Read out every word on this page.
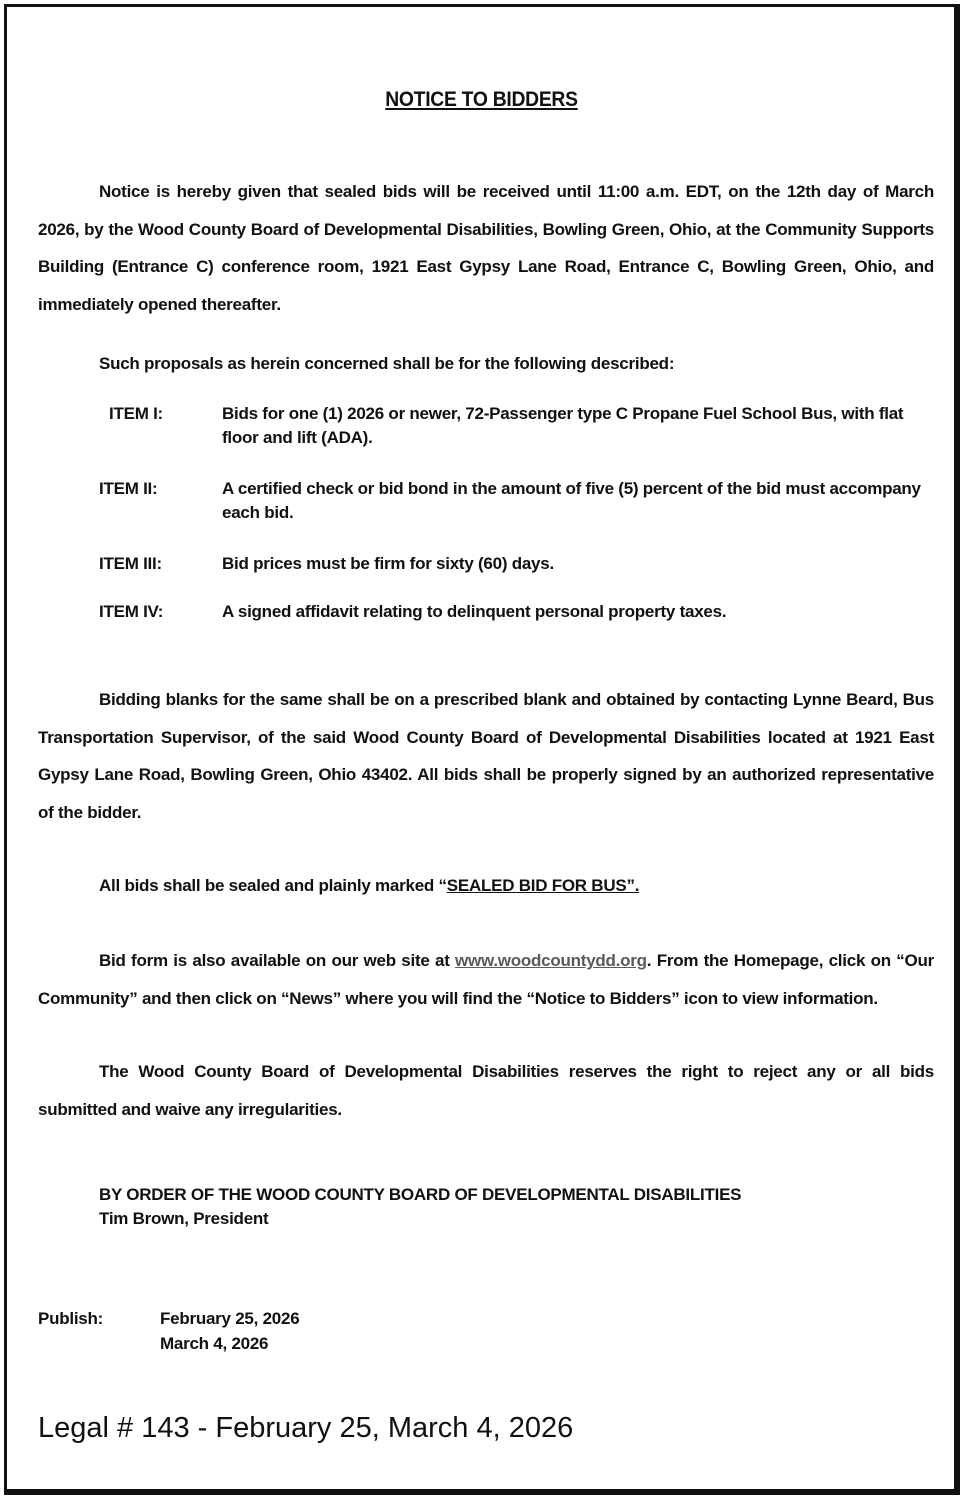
NOTICE TO BIDDERS
Notice is hereby given that sealed bids will be received until 11:00 a.m. EDT, on the 12th day of March 2026, by the Wood County Board of Developmental Disabilities, Bowling Green, Ohio, at the Community Supports Building (Entrance C) conference room, 1921 East Gypsy Lane Road, Entrance C, Bowling Green, Ohio, and immediately opened thereafter.
Such proposals as herein concerned shall be for the following described:
ITEM I:	Bids for one (1) 2026 or newer, 72-Passenger type C Propane Fuel School Bus, with flat floor and lift (ADA).
ITEM II:	A certified check or bid bond in the amount of five (5) percent of the bid must accompany each bid.
ITEM III:	Bid prices must be firm for sixty (60) days.
ITEM IV:	A signed affidavit relating to delinquent personal property taxes.
Bidding blanks for the same shall be on a prescribed blank and obtained by contacting Lynne Beard, Bus Transportation Supervisor, of the said Wood County Board of Developmental Disabilities located at 1921 East Gypsy Lane Road, Bowling Green, Ohio 43402. All bids shall be properly signed by an authorized representative of the bidder.
All bids shall be sealed and plainly marked “SEALED BID FOR BUS”.
Bid form is also available on our web site at www.woodcountydd.org. From the Homepage, click on “Our Community” and then click on “News” where you will find the “Notice to Bidders” icon to view information.
The Wood County Board of Developmental Disabilities reserves the right to reject any or all bids submitted and waive any irregularities.
BY ORDER OF THE WOOD COUNTY BOARD OF DEVELOPMENTAL DISABILITIES
Tim Brown, President
Publish:	February 25, 2026
March 4, 2026
Legal # 143 - February 25, March 4, 2026
